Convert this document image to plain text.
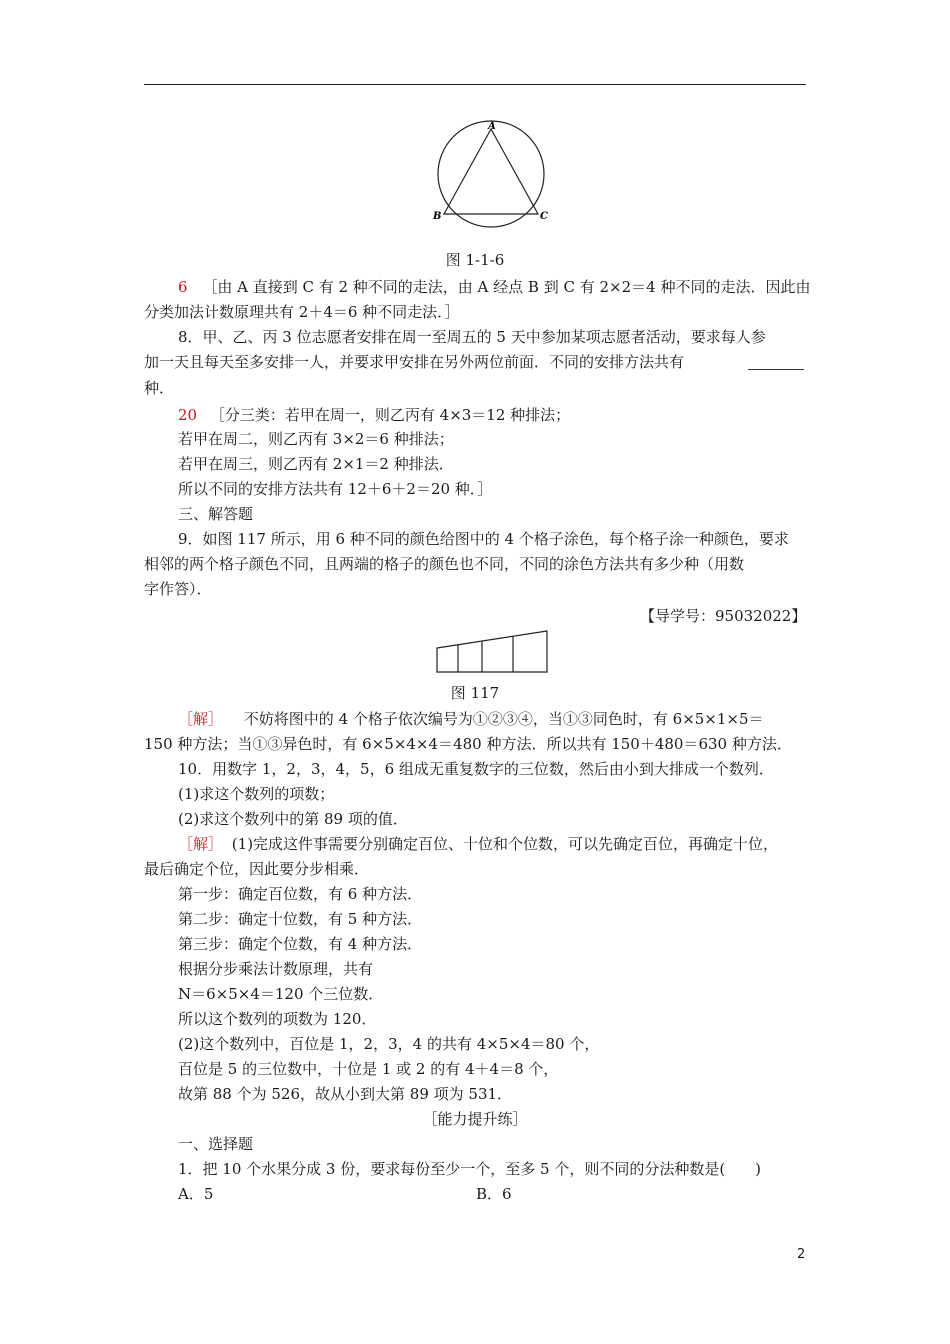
A
B	C
图 1-1-6
6 ［由 A 直接到 C 有 2 种不同的走法，由 A 经点 B 到 C 有 2×2＝4 种不同的走法．因此由
分类加法计数原理共有 2＋4＝6 种不同走法．］
8．甲、乙、丙 3 位志愿者安排在周一至周五的 5 天中参加某项志愿者活动，要求每人参
加一天且每天至多安排一人，并要求甲安排在另外两位前面．不同的安排方法共有
种．
20 ［分三类：若甲在周一，则乙丙有 4×3＝12 种排法；
若甲在周二，则乙丙有 3×2＝6 种排法；
若甲在周三，则乙丙有 2×1＝2 种排法．
所以不同的安排方法共有 12＋6＋2＝20 种．］
三、解答题
9．如图 117 所示，用 6 种不同的颜色给图中的 4 个格子涂色，每个格子涂一种颜色，要求
相邻的两个格子颜色不同，且两端的格子的颜色也不同，不同的涂色方法共有多少种（用数
字作答）．
【导学号：95032022】
图 117
［解］ 不妨将图中的 4 个格子依次编号为①②③④，当①③同色时，有 6×5×1×5＝
150 种方法；当①③异色时，有 6×5×4×4＝480 种方法．所以共有 150＋480＝630 种方法．
10．用数字 1，2，3，4，5，6 组成无重复数字的三位数，然后由小到大排成一个数列．
(1)求这个数列的项数；
(2)求这个数列中的第 89 项的值．
［解］ (1)完成这件事需要分别确定百位、十位和个位数，可以先确定百位，再确定十位，
最后确定个位，因此要分步相乘．
第一步：确定百位数，有 6 种方法．
第二步：确定十位数，有 5 种方法．
第三步：确定个位数，有 4 种方法．
根据分步乘法计数原理，共有
N＝6×5×4＝120 个三位数．
所以这个数列的项数为 120．
(2)这个数列中，百位是 1，2，3，4 的共有 4×5×4＝80 个，
百位是 5 的三位数中，十位是 1 或 2 的有 4＋4＝8 个，
故第 88 个为 526，故从小到大第 89 项为 531．
［能力提升练］
一、选择题
1．把 10 个水果分成 3 份，要求每份至少一个，至多 5 个，则不同的分法种数是(　　)
A．5	B．6
2
